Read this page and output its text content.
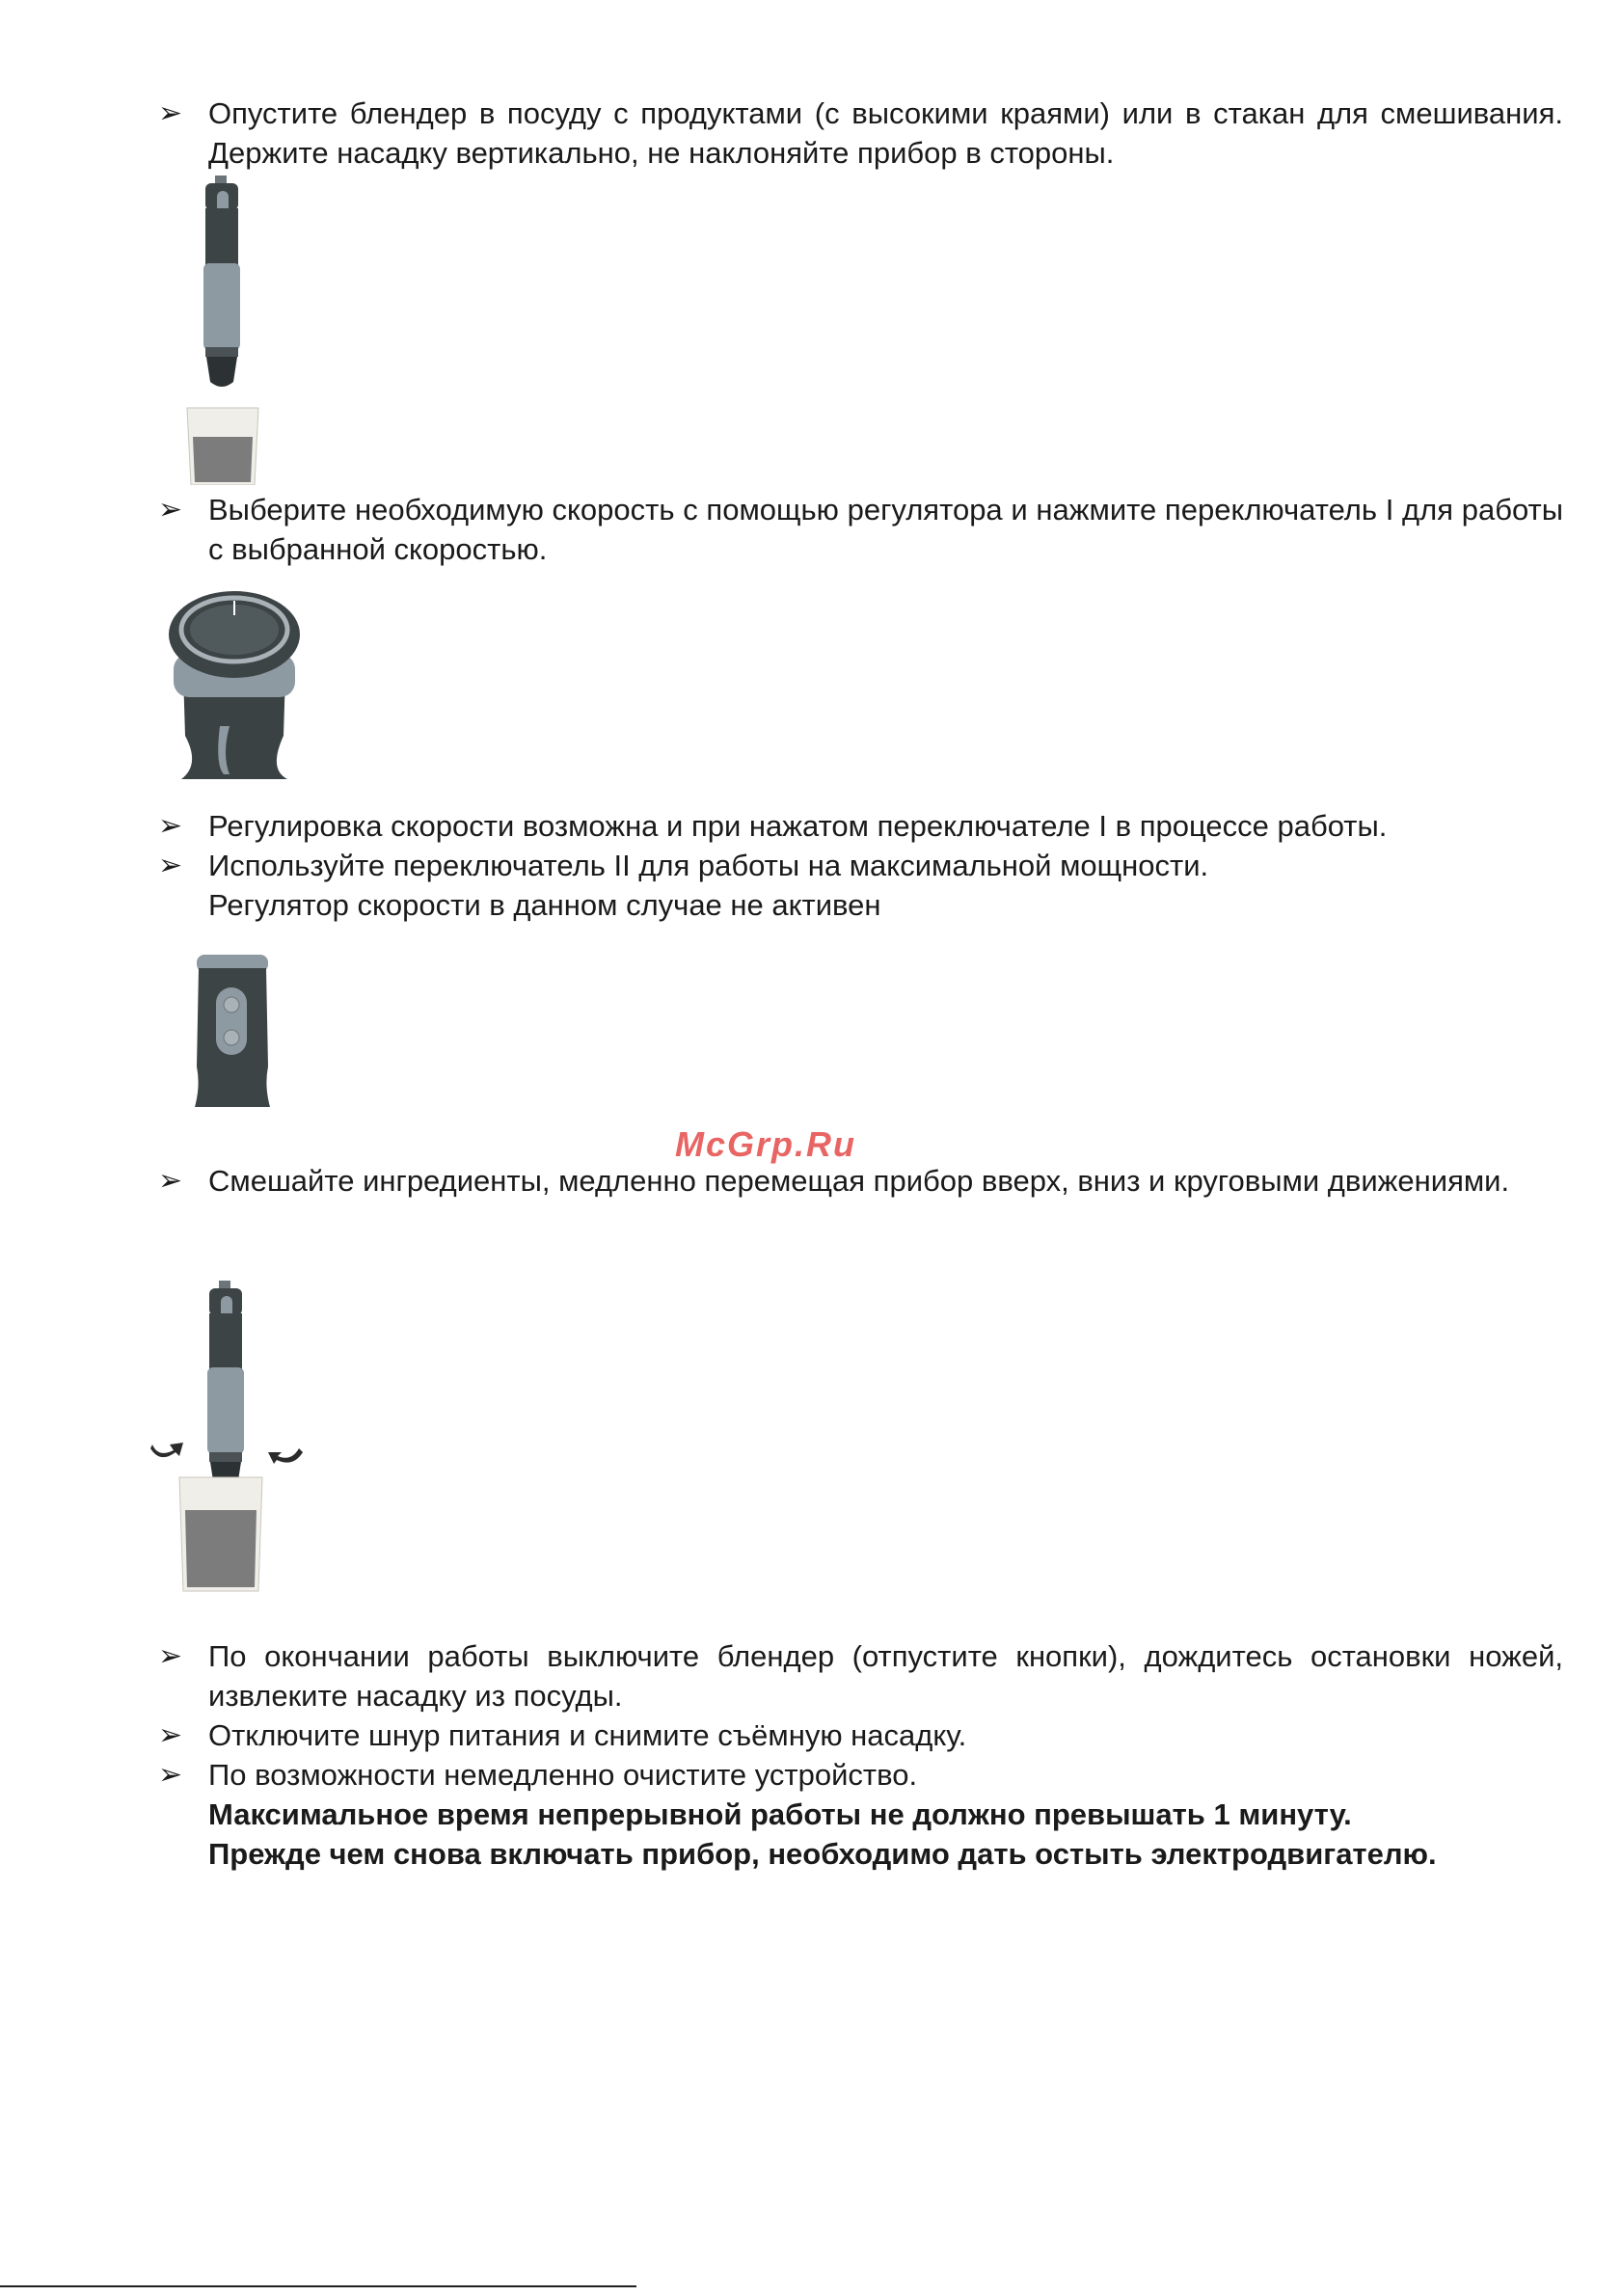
➢ Опустите блендер в посуду с продуктами (с высокими краями) или в стакан для смешивания. Держите насадку вертикально, не наклоняйте прибор в стороны.
➢ Выберите необходимую скорость с помощью регулятора и нажмите переключатель I для работы с выбранной скоростью.
➢ Регулировка скорости возможна и при нажатом переключателе I в процессе работы.
➢ Используйте переключатель II для работы на максимальной мощности.
Регулятор скорости в данном случае не активен
McGrp.Ru
➢ Смешайте ингредиенты, медленно перемещая прибор вверх, вниз и круговыми движениями.
➢ По окончании работы выключите блендер (отпустите кнопки), дождитесь остановки ножей, извлеките насадку из посуды.
➢ Отключите шнур питания и снимите съёмную насадку.
➢ По возможности немедленно очистите устройство.
Максимальное время непрерывной работы не должно превышать 1 минуту.
Прежде чем снова включать прибор, необходимо дать остыть электродвигателю.
